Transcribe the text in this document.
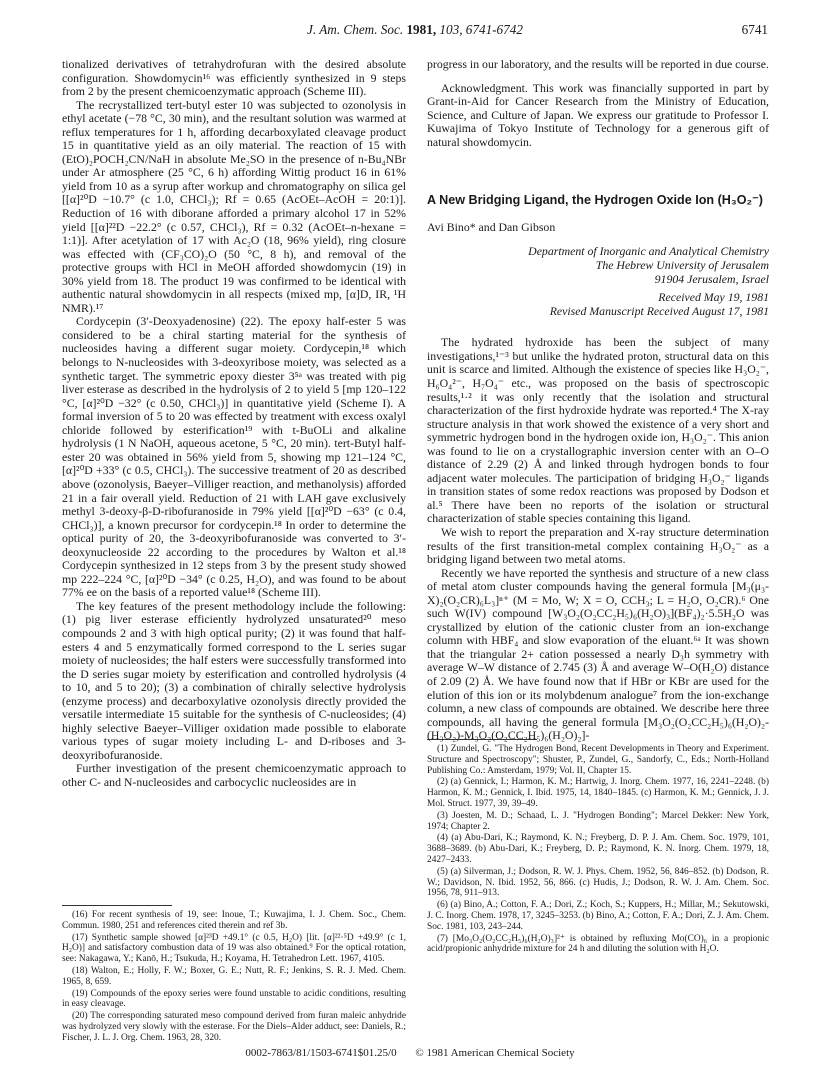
J. Am. Chem. Soc. 1981, 103, 6741-6742	6741

tionalized derivatives of tetrahydrofuran with the desired absolute configuration. Showdomycin¹⁶ was efficiently synthesized in 9 steps from 2 by the present chemicoenzymatic approach (Scheme III).

The recrystallized tert-butyl ester 10 was subjected to ozonolysis in ethyl acetate (−78 °C, 30 min), and the resultant solution was warmed at reflux temperatures for 1 h, affording decarboxylated cleavage product 15 in quantitative yield as an oily material. The reaction of 15 with (EtO)₂POCH₂CN/NaH in absolute Me₂SO in the presence of n-Bu₄NBr under Ar atmosphere (25 °C, 6 h) affording Wittig product 16 in 61% yield from 10 as a syrup after workup and chromatography on silica gel [[α]²⁰D −10.7° (c 1.0, CHCl₃); Rf = 0.65 (AcOEt–AcOH = 20:1)]. Reduction of 16 with diborane afforded a primary alcohol 17 in 52% yield [[α]²²D −22.2° (c 0.57, CHCl₃), Rf = 0.32 (AcOEt–n-hexane = 1:1)]. After acetylation of 17 with Ac₂O (18, 96% yield), ring closure was effected with (CF₃CO)₂O (50 °C, 8 h), and removal of the protective groups with HCl in MeOH afforded showdomycin (19) in 30% yield from 18. The product 19 was confirmed to be identical with authentic natural showdomycin in all respects (mixed mp, [α]D, IR, ¹H NMR).¹⁷

Cordycepin (3′-Deoxyadenosine) (22). The epoxy half-ester 5 was considered to be a chiral starting material for the synthesis of nucleosides having a different sugar moiety. Cordycepin,¹⁸ which belongs to N-nucleosides with 3-deoxyribose moiety, was selected as a synthetic target. The symmetric epoxy diester 3⁵ᵃ was treated with pig liver esterase as described in the hydrolysis of 2 to yield 5 [mp 120–122 °C, [α]²⁰D −32° (c 0.50, CHCl₃)] in quantitative yield (Scheme I). A formal inversion of 5 to 20 was effected by treatment with excess oxalyl chloride followed by esterification¹⁹ with t-BuOLi and alkaline hydrolysis (1 N NaOH, aqueous acetone, 5 °C, 20 min). tert-Butyl half-ester 20 was obtained in 56% yield from 5, showing mp 121–124 °C, [α]²⁰D +33° (c 0.5, CHCl₃). The successive treatment of 20 as described above (ozonolysis, Baeyer–Villiger reaction, and methanolysis) afforded 21 in a fair overall yield. Reduction of 21 with LAH gave exclusively methyl 3-deoxy-β-D-ribofuranoside in 79% yield [[α]²⁰D −63° (c 0.4, CHCl₃)], a known precursor for cordycepin.¹⁸ In order to determine the optical purity of 20, the 3-deoxyribofuranoside was converted to 3′-deoxynucleoside 22 according to the procedures by Walton et al.¹⁸ Cordycepin synthesized in 12 steps from 3 by the present study showed mp 222–224 °C, [α]²⁰D −34° (c 0.25, H₂O), and was found to be about 77% ee on the basis of a reported value¹⁸ (Scheme III).

The key features of the present methodology include the following: (1) pig liver esterase efficiently hydrolyzed unsaturated²⁰ meso compounds 2 and 3 with high optical purity; (2) it was found that half-esters 4 and 5 enzymatically formed correspond to the L series sugar moiety of nucleosides; the half esters were successfully transformed into the D series sugar moiety by esterification and controlled hydrolysis (4 to 10, and 5 to 20); (3) a combination of chirally selective hydrolysis (enzyme process) and decarboxylative ozonolysis directly provided the versatile intermediate 15 suitable for the synthesis of C-nucleosides; (4) highly selective Baeyer–Villiger oxidation made possible to elaborate various types of sugar moiety including L- and D-riboses and 3-deoxyribofuranoside.

Further investigation of the present chemicoenzymatic approach to other C- and N-nucleosides and carbocyclic nucleosides are in

(16) For recent synthesis of 19, see: Inoue, T.; Kuwajima, I. J. Chem. Soc., Chem. Commun. 1980, 251 and references cited therein and ref 3b.

(17) Synthetic sample showed [α]²³D +49.1° (c 0.5, H₂O) [lit. [α]²²·⁵D +49.9° (c 1, H₂O)] and satisfactory combustion data of 19 was also obtained.⁹ For the optical rotation, see: Nakagawa, Y.; Kanō, H.; Tsukuda, H.; Koyama, H. Tetrahedron Lett. 1967, 4105.

(18) Walton, E.; Holly, F. W.; Boxer, G. E.; Nutt, R. F.; Jenkins, S. R. J. Med. Chem. 1965, 8, 659.

(19) Compounds of the epoxy series were found unstable to acidic conditions, resulting in easy cleavage.

(20) The corresponding saturated meso compound derived from furan maleic anhydride was hydrolyzed very slowly with the esterase. For the Diels–Alder adduct, see: Daniels, R.; Fischer, J. L. J. Org. Chem. 1963, 28, 320.

progress in our laboratory, and the results will be reported in due course.

Acknowledgment. This work was financially supported in part by Grant-in-Aid for Cancer Research from the Ministry of Education, Science, and Culture of Japan. We express our gratitude to Professor I. Kuwajima of Tokyo Institute of Technology for a generous gift of natural showdomycin.

A New Bridging Ligand, the Hydrogen Oxide Ion (H₃O₂⁻)
Avi Bino* and Dan Gibson
Department of Inorganic and Analytical Chemistry
The Hebrew University of Jerusalem
91904 Jerusalem, Israel
Received May 19, 1981
Revised Manuscript Received August 17, 1981

The hydrated hydroxide has been the subject of many investigations,¹⁻³ but unlike the hydrated proton, structural data on this unit is scarce and limited. Although the existence of species like H₃O₂⁻, H₆O₄²⁻, H₇O₄⁻ etc., was proposed on the basis of spectroscopic results,¹·² it was only recently that the isolation and structural characterization of the first hydroxide hydrate was reported.⁴ The X-ray structure analysis in that work showed the existence of a very short and symmetric hydrogen bond in the hydrogen oxide ion, H₃O₂⁻. This anion was found to lie on a crystallographic inversion center with an O–O distance of 2.29 (2) Å and linked through hydrogen bonds to four adjacent water molecules. The participation of bridging H₃O₂⁻ ligands in transition states of some redox reactions was proposed by Dodson et al.⁵ There have been no reports of the isolation or structural characterization of stable species containing this ligand.

We wish to report the preparation and X-ray structure determination results of the first transition-metal complex containing H₃O₂⁻ as a bridging ligand between two metal atoms.

Recently we have reported the synthesis and structure of a new class of metal atom cluster compounds having the general formula [M₃(μ₃-X)₂(O₂CR)₆L₃]ⁿ⁺ (M = Mo, W; X = O, CCH₃; L = H₂O, O₂CR).⁶ One such W(IV) compound [W₃O₂(O₂CC₂H₅)₆(H₂O)₃](BF₄)₂·5.5H₂O was crystallized by elution of the cationic cluster from an ion-exchange column with HBF₄ and slow evaporation of the eluant.⁶ᵃ It was shown that the triangular 2+ cation possessed a nearly D₃h symmetry with average W–W distance of 2.745 (3) Å and average W–O(H₂O) distance of 2.09 (2) Å. We have found now that if HBr or KBr are used for the elution of this ion or its molybdenum analogue⁷ from the ion-exchange column, a new class of compounds are obtained. We describe here three compounds, all having the general formula [M₃O₂(O₂CC₂H₅)₆(H₂O)₂-(H₃O₂)-M₃O₂(O₂CC₂H₅)₆(H₂O)₂]-

(1) Zundel, G. "The Hydrogen Bond, Recent Developments in Theory and Experiment. Structure and Spectroscopy"; Shuster, P., Zundel, G., Sandorfy, C., Eds.; North-Holland Publishing Co.: Amsterdam, 1979; Vol. II, Chapter 15.

(2) (a) Gennick, I.; Harmon, K. M.; Hartwig, J. Inorg. Chem. 1977, 16, 2241–2248. (b) Harmon, K. M.; Gennick, I. Ibid. 1975, 14, 1840–1845. (c) Harmon, K. M.; Gennick, J. J. Mol. Struct. 1977, 39, 39–49.

(3) Joesten, M. D.; Schaad, L. J. "Hydrogen Bonding"; Marcel Dekker: New York, 1974; Chapter 2.

(4) (a) Abu-Dari, K.; Raymond, K. N.; Freyberg, D. P. J. Am. Chem. Soc. 1979, 101, 3688–3689. (b) Abu-Dari, K.; Freyberg, D. P.; Raymond, K. N. Inorg. Chem. 1979, 18, 2427–2433.

(5) (a) Silverman, J.; Dodson, R. W. J. Phys. Chem. 1952, 56, 846–852. (b) Dodson, R. W.; Davidson, N. Ibid. 1952, 56, 866. (c) Hudis, J.; Dodson, R. W. J. Am. Chem. Soc. 1956, 78, 911–913.

(6) (a) Bino, A.; Cotton, F. A.; Dori, Z.; Koch, S.; Kuppers, H.; Millar, M.; Sekutowski, J. C. Inorg. Chem. 1978, 17, 3245–3253. (b) Bino, A.; Cotton, F. A.; Dori, Z. J. Am. Chem. Soc. 1981, 103, 243–244.

(7) [Mo₃O₂(O₂CC₂H₅)₆(H₂O)₃]²⁺ is obtained by refluxing Mo(CO)₆ in a propionic acid/propionic anhydride mixture for 24 h and diluting the solution with H₂O.

0002-7863/81/1503-6741$01.25/0 © 1981 American Chemical Society
